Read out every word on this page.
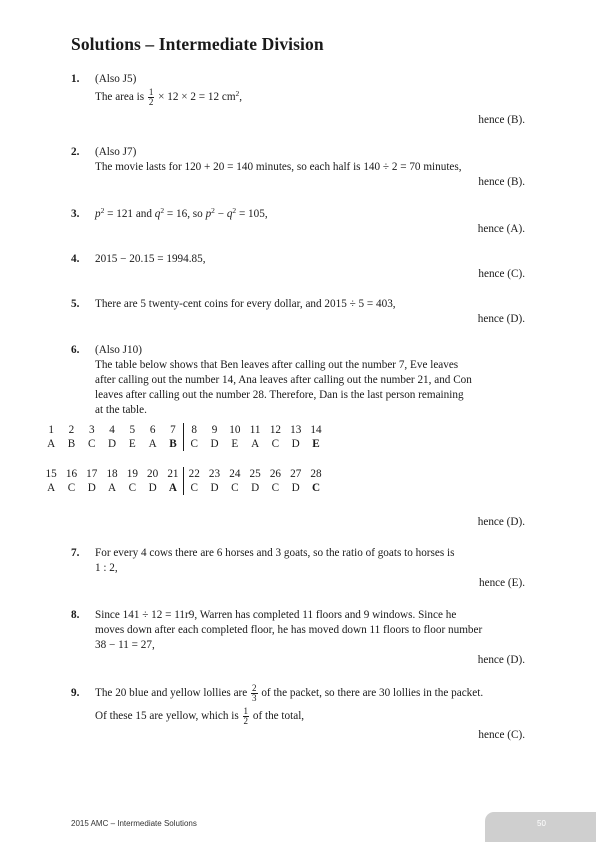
Solutions – Intermediate Division
1. (Also J5)
The area is $\frac{1}{2} \times 12 \times 2 = 12$ $cm^2$,
hence (B).
2. (Also J7)
The movie lasts for 120 + 20 = 140 minutes, so each half is 140 ÷ 2 = 70 minutes,
hence (B).
3. $p^2 = 121$ and $q^2 = 16$, so $p^2 - q^2 = 105$,
hence (A).
4. 2015 − 20.15 = 1994.85,
hence (C).
5. There are 5 twenty-cent coins for every dollar, and 2015 ÷ 5 = 403,
hence (D).
6. (Also J10)
The table below shows that Ben leaves after calling out the number 7, Eve leaves
after calling out the number 14, Ana leaves after calling out the number 21, and Con
leaves after calling out the number 28. Therefore, Dan is the last person remaining
at the table.
1	2	3	4	5	6	7	8	9	10	11	12	13	14
A	B	C	D	E	A	B	C	D	E	A	C	D	E
15	16	17	18	19	20	21	22	23	24	25	26	27	28
A	C	D	A	C	D	A	C	D	C	D	C	D	C
hence (D).
7. For every 4 cows there are 6 horses and 3 goats, so the ratio of goats to horses is
1 : 2,
hence (E).
8. Since 141 ÷ 12 = 11r9, Warren has completed 11 floors and 9 windows. Since he
moves down after each completed floor, he has moved down 11 floors to floor number
38 − 11 = 27,
hence (D).
9. The 20 blue and yellow lollies are $\frac{2}{3}$ of the packet, so there are 30 lollies in the packet.
Of these 15 are yellow, which is $\frac{1}{2}$ of the total,
hence (C).
2015 AMC – Intermediate Solutions	50
